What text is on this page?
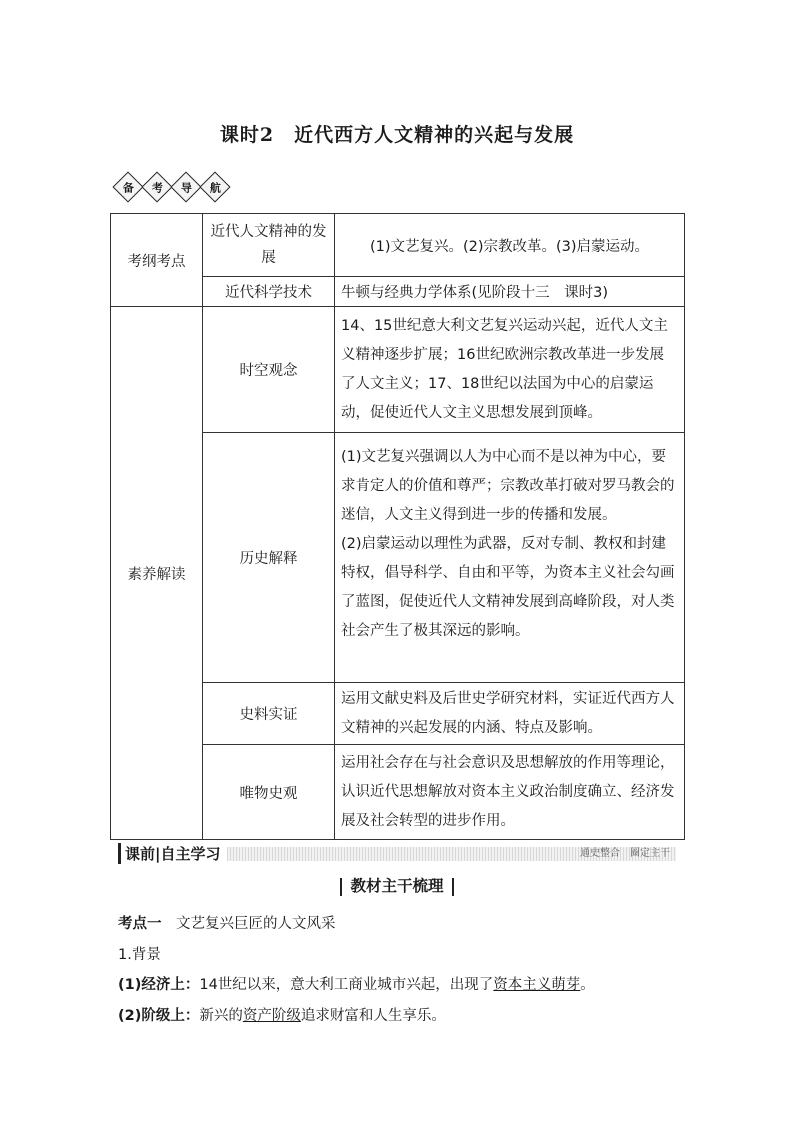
课时2　近代西方人文精神的兴起与发展
备 考 导 航
考纲考点	近代人文精神的发展	(1)文艺复兴。(2)宗教改革。(3)启蒙运动。
	近代科学技术	牛顿与经典力学体系(见阶段十三　课时3)
素养解读	时空观念	14、15世纪意大利文艺复兴运动兴起，近代人文主义精神逐步扩展；16世纪欧洲宗教改革进一步发展了人文主义；17、18世纪以法国为中心的启蒙运动，促使近代人文主义思想发展到顶峰。
	历史解释	(1)文艺复兴强调以人为中心而不是以神为中心，要求肯定人的价值和尊严；宗教改革打破对罗马教会的迷信，人文主义得到进一步的传播和发展。
(2)启蒙运动以理性为武器，反对专制、教权和封建特权，倡导科学、自由和平等，为资本主义社会勾画了蓝图，促使近代人文精神发展到高峰阶段，对人类社会产生了极其深远的影响。

	史料实证	运用文献史料及后世史学研究材料，实证近代西方人文精神的兴起发展的内涵、特点及影响。
	唯物史观	运用社会存在与社会意识及思想解放的作用等理论，认识近代思想解放对资本主义政治制度确立、经济发展及社会转型的进步作用。
课前|自主学习	通史整合　圈定主干
教材主干梳理
考点一　 文艺复兴巨匠的人文风采
1.背景
(1)经济上：14世纪以来，意大利工商业城市兴起，出现了资本主义萌芽。
(2)阶级上：新兴的资产阶级追求财富和人生享乐。
